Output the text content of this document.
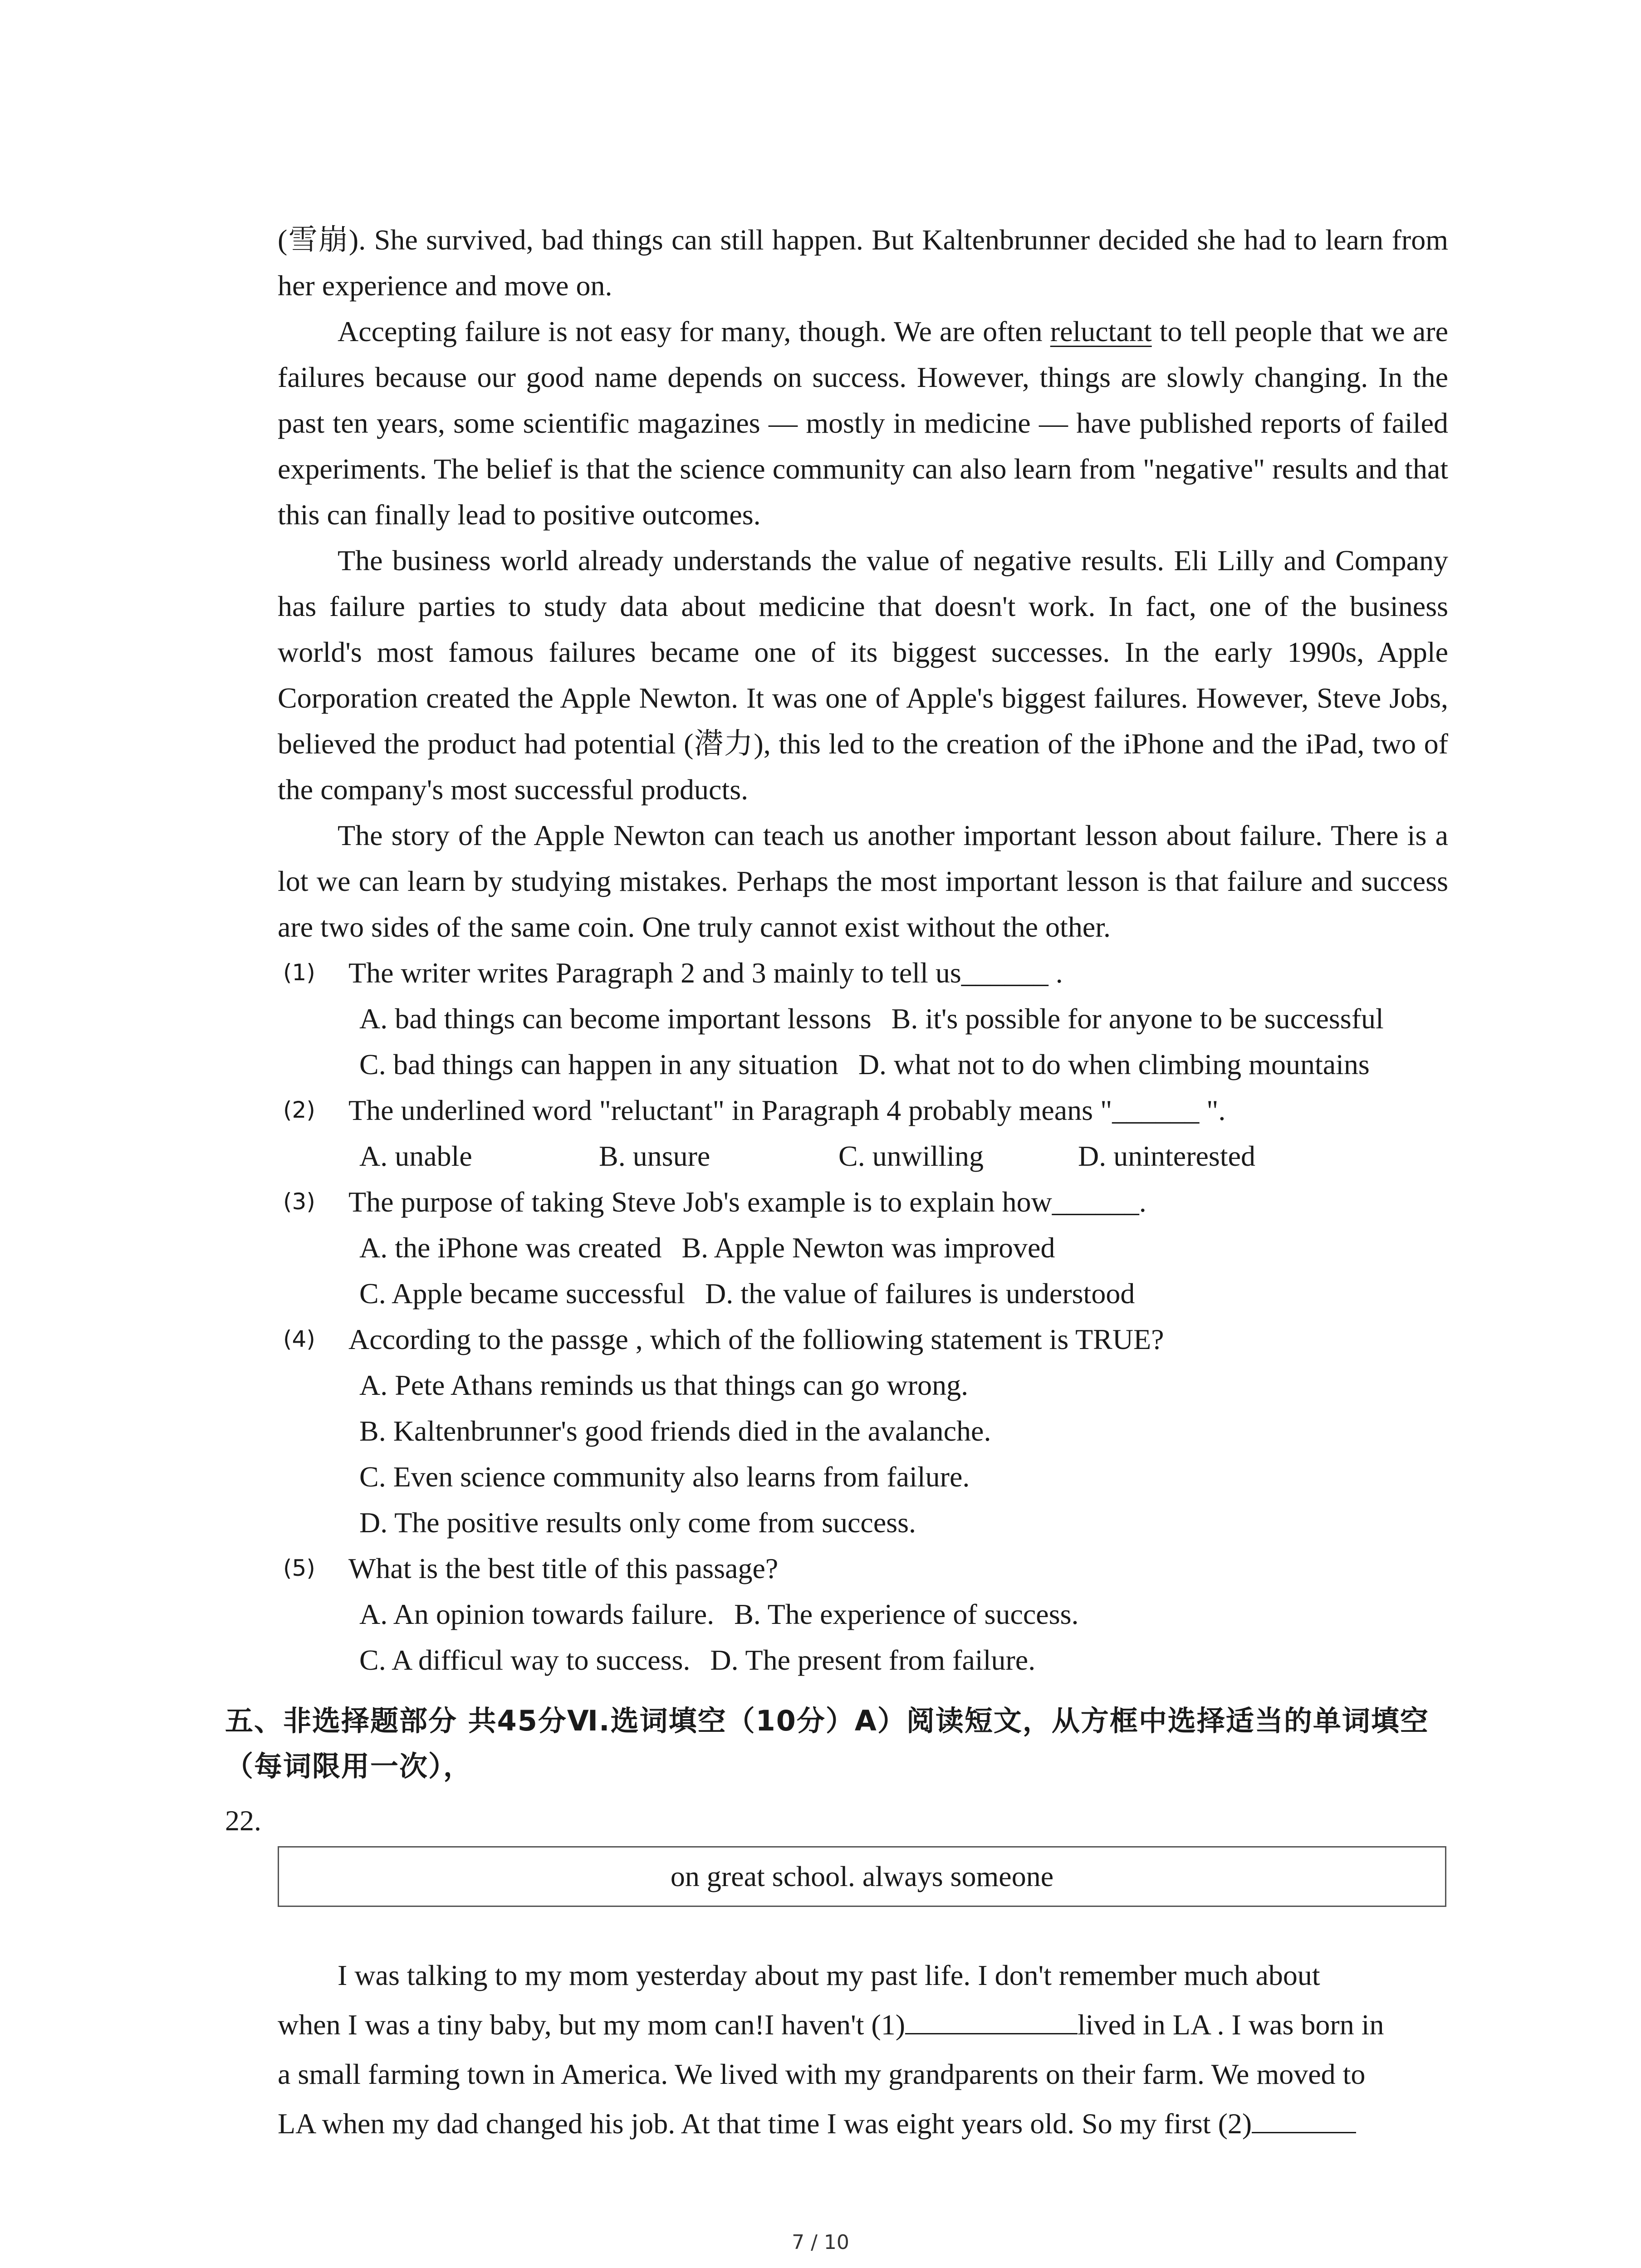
(雪崩). She survived, bad things can still happen. But Kaltenbrunner decided she had to learn from her experience and move on.

Accepting failure is not easy for many, though. We are often reluctant to tell people that we are failures because our good name depends on success. However, things are slowly changing. In the past ten years, some scientific magazines — mostly in medicine — have published reports of failed experiments. The belief is that the science community can also learn from "negative" results and that this can finally lead to positive outcomes.

The business world already understands the value of negative results. Eli Lilly and Company has failure parties to study data about medicine that doesn't work. In fact, one of the business world's most famous failures became one of its biggest successes. In the early 1990s, Apple Corporation created the Apple Newton. It was one of Apple's biggest failures. However, Steve Jobs, believed the product had potential (潜力), this led to the creation of the iPhone and the iPad, two of the company's most successful products.

The story of the Apple Newton can teach us another important lesson about failure. There is a lot we can learn by studying mistakes. Perhaps the most important lesson is that failure and success are two sides of the same coin. One truly cannot exist without the other.

(1)	The writer writes Paragraph 2 and 3 mainly to tell us______ .
A. bad things can become important lessons B. it's possible for anyone to be successful
C. bad things can happen in any situation D. what not to do when climbing mountains
(2)	The underlined word "reluctant" in Paragraph 4 probably means "______ ".
A. unable	B. unsure	C. unwilling	D. uninterested
(3)	The purpose of taking Steve Job's example is to explain how______.
A. the iPhone was created B. Apple Newton was improved
C. Apple became successful D. the value of failures is understood
(4)	According to the passge , which of the folliowing statement is TRUE?
A. Pete Athans reminds us that things can go wrong.
B. Kaltenbrunner's good friends died in the avalanche.
C. Even science community also learns from failure.
D. The positive results only come from success.
(5)	What is the best title of this passage?
A. An opinion towards failure. B. The experience of success.
C. A difficul way to success. D. The present from failure.
五、非选择题部分 共45分Ⅵ.选词填空（10分）A）阅读短文，从方框中选择适当的单词填空（每词限用一次），
22.
on great school. always someone
I was talking to my mom yesterday about my past life. I don't remember much about
when I was a tiny baby, but my mom can!I haven't (1)	lived in LA . I was born in
a small farming town in America. We lived with my grandparents on their farm. We moved to
LA when my dad changed his job. At that time I was eight years old. So my first (2)
7 / 10
